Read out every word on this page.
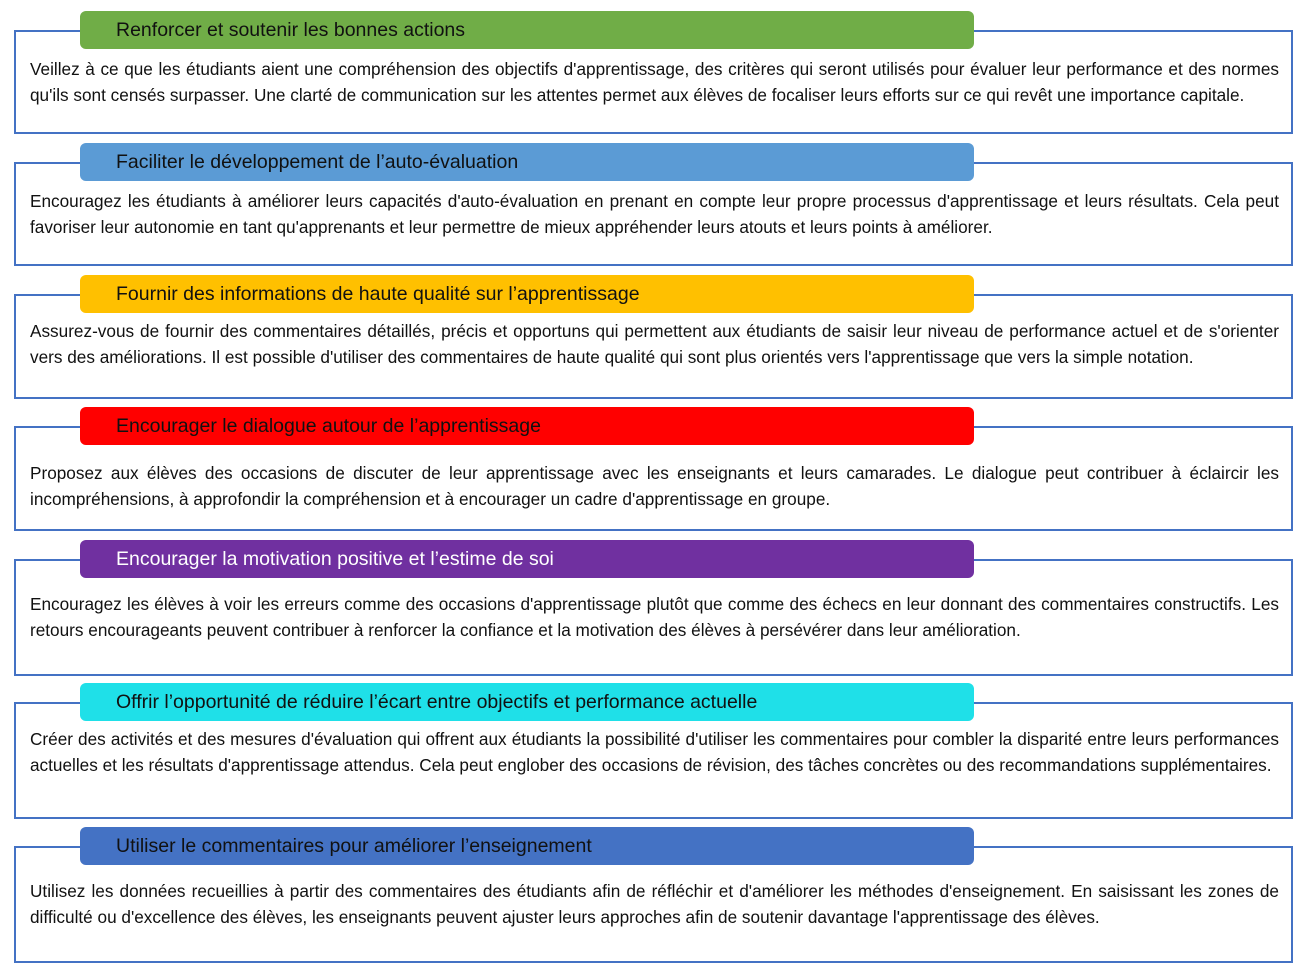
Veillez à ce que les étudiants aient une compréhension des objectifs d'apprentissage, des critères qui seront utilisés pour évaluer leur performance et des normes qu'ils sont censés surpasser. Une clarté de communication sur les attentes permet aux élèves de focaliser leurs efforts sur ce qui revêt une importance capitale.
Renforcer et soutenir les bonnes actions
Encouragez les étudiants à améliorer leurs capacités d'auto-évaluation en prenant en compte leur propre processus d'apprentissage et leurs résultats. Cela peut favoriser leur autonomie en tant qu'apprenants et leur permettre de mieux appréhender leurs atouts et leurs points à améliorer.
Faciliter le développement de l’auto-évaluation
Assurez-vous de fournir des commentaires détaillés, précis et opportuns qui permettent aux étudiants de saisir leur niveau de performance actuel et de s'orienter vers des améliorations. Il est possible d'utiliser des commentaires de haute qualité qui sont plus orientés vers l'apprentissage que vers la simple notation.
Fournir des informations de haute qualité sur l’apprentissage
Proposez aux élèves des occasions de discuter de leur apprentissage avec les enseignants et leurs camarades. Le dialogue peut contribuer à éclaircir les incompréhensions, à approfondir la compréhension et à encourager un cadre d'apprentissage en groupe.
Encourager le dialogue autour de l’apprentissage
Encouragez les élèves à voir les erreurs comme des occasions d'apprentissage plutôt que comme des échecs en leur donnant des commentaires constructifs. Les retours encourageants peuvent contribuer à renforcer la confiance et la motivation des élèves à persévérer dans leur amélioration.
Encourager la motivation positive et l’estime de soi
Créer des activités et des mesures d'évaluation qui offrent aux étudiants la possibilité d'utiliser les commentaires pour combler la disparité entre leurs performances actuelles et les résultats d'apprentissage attendus. Cela peut englober des occasions de révision, des tâches concrètes ou des recommandations supplémentaires.
Offrir l’opportunité de réduire l’écart entre objectifs et performance actuelle
Utilisez les données recueillies à partir des commentaires des étudiants afin de réfléchir et d'améliorer les méthodes d'enseignement. En saisissant les zones de difficulté ou d'excellence des élèves, les enseignants peuvent ajuster leurs approches afin de soutenir davantage l'apprentissage des élèves.
Utiliser le commentaires pour améliorer l’enseignement
